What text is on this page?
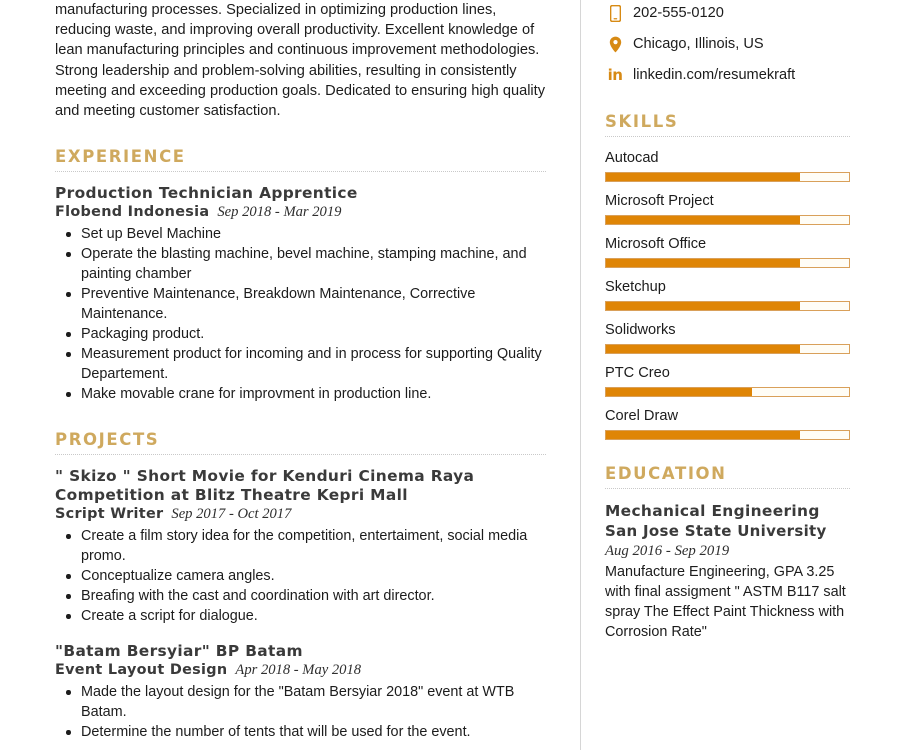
manufacturing processes. Specialized in optimizing production lines, reducing waste, and improving overall productivity. Excellent knowledge of lean manufacturing principles and continuous improvement methodologies. Strong leadership and problem-solving abilities, resulting in consistently meeting and exceeding production goals. Dedicated to ensuring high quality and meeting customer satisfaction.

EXPERIENCE
Production Technician Apprentice
Flobend Indonesia Sep 2018 - Mar 2019
Set up Bevel Machine
Operate the blasting machine, bevel machine, stamping machine, and painting chamber
Preventive Maintenance, Breakdown Maintenance, Corrective Maintenance.
Packaging product.
Measurement product for incoming and in process for supporting Quality Departement.
Make movable crane for improvment in production line.
PROJECTS
" Skizo " Short Movie for Kenduri Cinema Raya Competition at Blitz Theatre Kepri Mall
Script Writer Sep 2017 - Oct 2017
Create a film story idea for the competition, entertaiment, social media promo.
Conceptualize camera angles.
Breafing with the cast and coordination with art director.
Create a script for dialogue.
"Batam Bersyiar" BP Batam
Event Layout Design Apr 2018 - May 2018
Made the layout design for the "Batam Bersyiar 2018" event at WTB Batam.
Determine the number of tents that will be used for the event.
202-555-0120
Chicago, Illinois, US
in linkedin.com/resumekraft
SKILLS
Autocad
Microsoft Project
Microsoft Office
Sketchup
Solidworks
PTC Creo
Corel Draw
EDUCATION
Mechanical Engineering
San Jose State University
Aug 2016 - Sep 2019
Manufacture Engineering, GPA 3.25 with final assigment " ASTM B117 salt spray The Effect Paint Thickness with Corrosion Rate"
